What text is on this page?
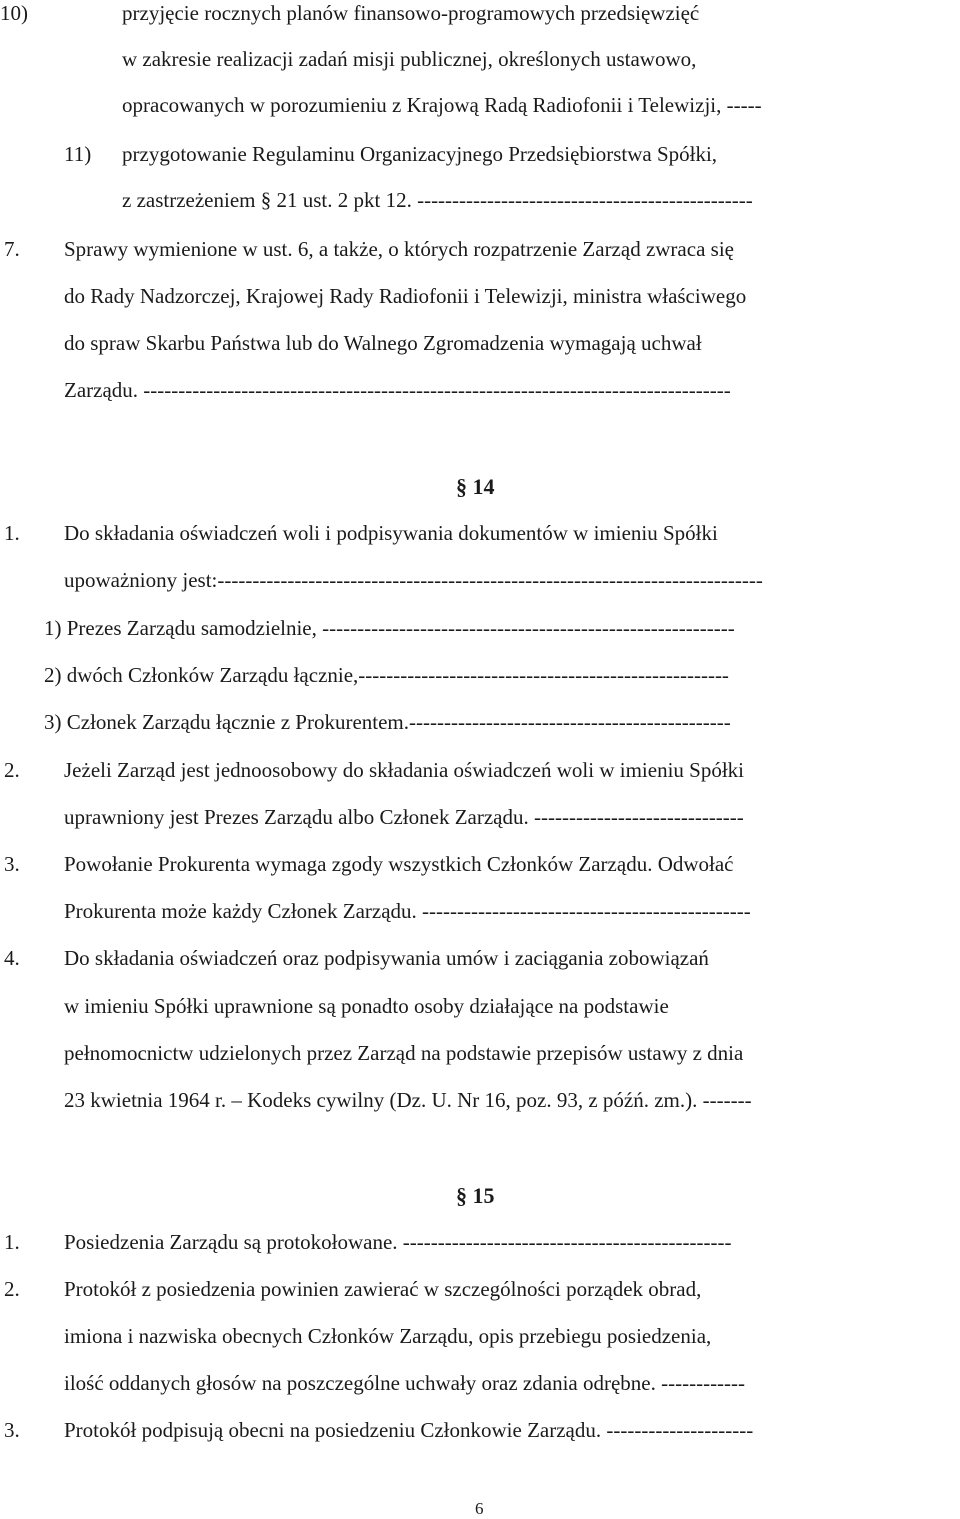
10)	przyjęcie rocznych planów finansowo-programowych przedsięwzięć
w zakresie realizacji zadań misji publicznej, określonych ustawowo,
opracowanych w porozumieniu z Krajową Radą Radiofonii i Telewizji, -----
11) przygotowanie Regulaminu Organizacyjnego Przedsiębiorstwa Spółki,
z zastrzeżeniem § 21 ust. 2 pkt 12. ------------------------------------------------
7. Sprawy wymienione w ust. 6, a także, o których rozpatrzenie Zarząd zwraca się
do Rady Nadzorczej, Krajowej Rady Radiofonii i Telewizji, ministra właściwego
do spraw Skarbu Państwa lub do Walnego Zgromadzenia wymagają uchwał
Zarządu. ------------------------------------------------------------------------------------
§ 14
1. Do składania oświadczeń woli i podpisywania dokumentów w imieniu Spółki
upoważniony jest:------------------------------------------------------------------------------
1) Prezes Zarządu samodzielnie, -----------------------------------------------------------
2) dwóch Członków Zarządu łącznie,-----------------------------------------------------
3) Członek Zarządu łącznie z Prokurentem.----------------------------------------------
2. Jeżeli Zarząd jest jednoosobowy do składania oświadczeń woli w imieniu Spółki
uprawniony jest Prezes Zarządu albo Członek Zarządu. ------------------------------
3. Powołanie Prokurenta wymaga zgody wszystkich Członków Zarządu. Odwołać
Prokurenta może każdy Członek Zarządu. -----------------------------------------------
4. Do składania oświadczeń oraz podpisywania umów i zaciągania zobowiązań
w imieniu Spółki uprawnione są ponadto osoby działające na podstawie
pełnomocnictw udzielonych przez Zarząd na podstawie przepisów ustawy z dnia
23 kwietnia 1964 r. – Kodeks cywilny (Dz. U. Nr 16, poz. 93, z późń. zm.). -------
§ 15
1. Posiedzenia Zarządu są protokołowane. -----------------------------------------------
2. Protokół z posiedzenia powinien zawierać w szczególności porządek obrad,
imiona i nazwiska obecnych Członków Zarządu, opis przebiegu posiedzenia,
ilość oddanych głosów na poszczególne uchwały oraz zdania odrębne. ------------
3. Protokół podpisują obecni na posiedzeniu Członkowie Zarządu. ---------------------
6
